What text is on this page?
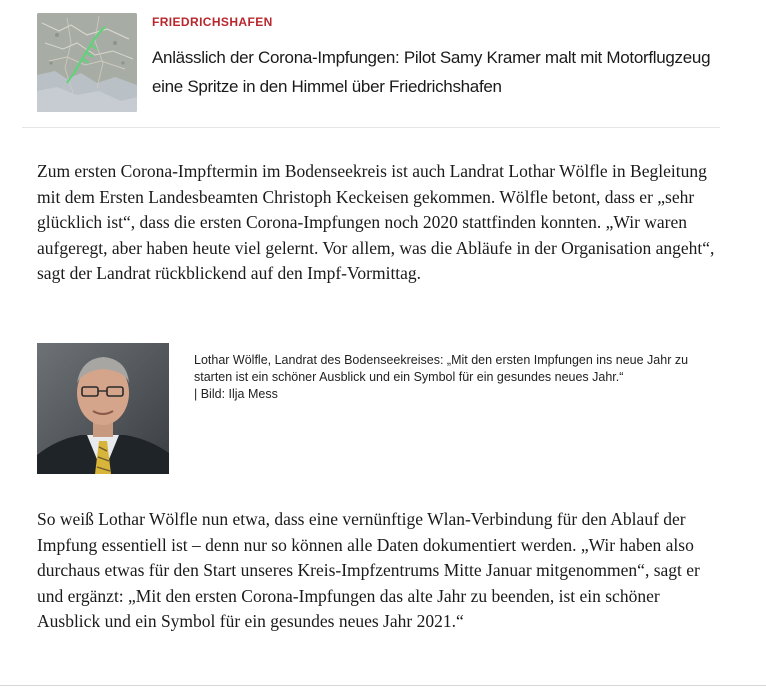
FRIEDRICHSHAFEN
Anlässlich der Corona-Impfungen: Pilot Samy Kramer malt mit Motorflugzeug eine Spritze in den Himmel über Friedrichshafen

Zum ersten Corona-Impftermin im Bodenseekreis ist auch Landrat Lothar Wölfle in Begleitung mit dem Ersten Landesbeamten Christoph Keckeisen gekommen. Wölfle betont, dass er „sehr glücklich ist“, dass die ersten Corona-Impfungen noch 2020 stattfinden konnten. „Wir waren aufgeregt, aber haben heute viel gelernt. Vor allem, was die Abläufe in der Organisation angeht“, sagt der Landrat rückblickend auf den Impf-Vormittag.

Lothar Wölfle, Landrat des Bodenseekreises: „Mit den ersten Impfungen ins neue Jahr zu starten ist ein schöner Ausblick und ein Symbol für ein gesundes neues Jahr.“
| Bild: Ilja Mess

So weiß Lothar Wölfle nun etwa, dass eine vernünftige Wlan-Verbindung für den Ablauf der Impfung essentiell ist – denn nur so können alle Daten dokumentiert werden. „Wir haben also durchaus etwas für den Start unseres Kreis-Impfzentrums Mitte Januar mitgenommen“, sagt er und ergänzt: „Mit den ersten Corona-Impfungen das alte Jahr zu beenden, ist ein schöner Ausblick und ein Symbol für ein gesundes neues Jahr 2021.“
